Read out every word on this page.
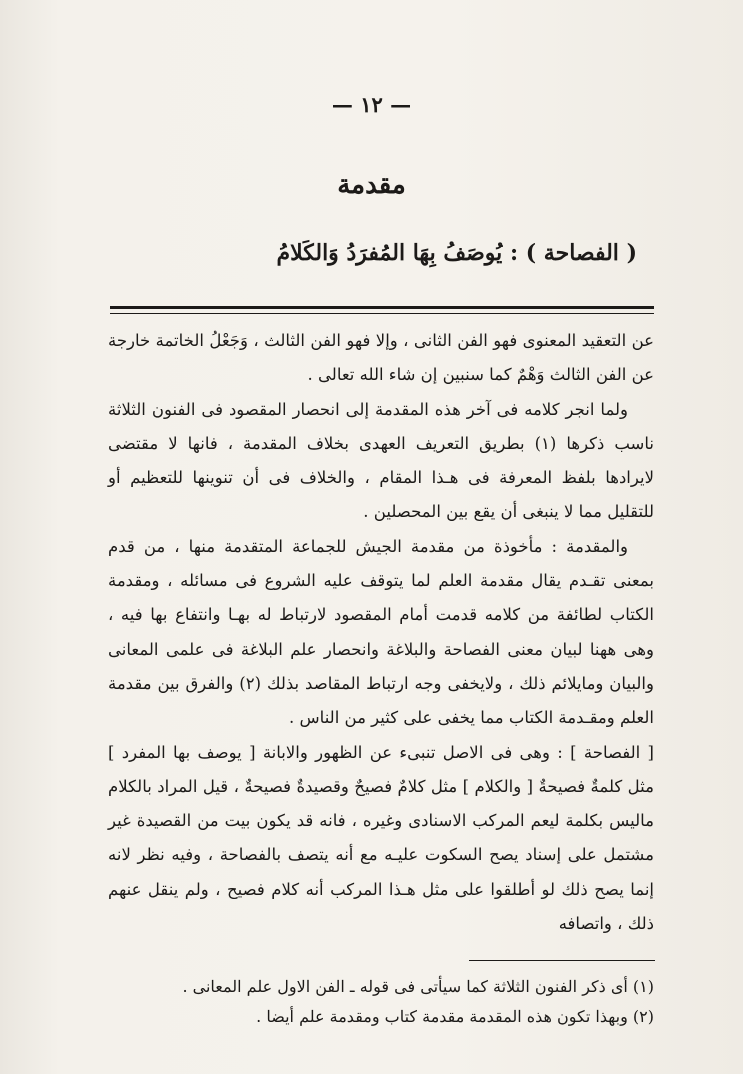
— ١٢ —
مقدمة
( الفصاحة ) : يُوصَفُ بِهَا المُفرَدُ وَالكَلامُ

عن التعقيد المعنوى فهو الفن الثانى ، وإلا فهو الفن الثالث ، وَجَعْلُ الخاتمة خارجة عن الفن الثالث وَهْمٌ كما سنبين إن شاء الله تعالى .

ولما انجر كلامه فى آخر هذه المقدمة إلى انحصار المقصود فى الفنون الثلاثة ناسب ذكرها (١) بطريق التعريف العهدى بخلاف المقدمة ، فانها لا مقتضى لايرادها بلفظ المعرفة فى هـذا المقام ، والخلاف فى أن تنوينها للتعظيم أو للتقليل مما لا ينبغى أن يقع بين المحصلين .

والمقدمة : مأخوذة من مقدمة الجيش للجماعة المتقدمة منها ، من قدم بمعنى تقـدم يقال مقدمة العلم لما يتوقف عليه الشروع فى مسائله ، ومقدمة الكتاب لطائفة من كلامه قدمت أمام المقصود لارتباط له بهـا وانتفاع بها فيه ، وهى ههنا لبيان معنى الفصاحة والبلاغة وانحصار علم البلاغة فى علمى المعانى والبيان ومايلائم ذلك ، ولايخفى وجه ارتباط المقاصد بذلك (٢) والفرق بين مقدمة العلم ومقـدمة الكتاب مما يخفى على كثير من الناس .

[ الفصاحة ] : وهى فى الاصل تنبىء عن الظهور والابانة [ يوصف بها المفرد ] مثل كلمةٌ فصيحةٌ [ والكلام ] مثل كلامٌ فصيحٌ وقصيدةٌ فصيحةٌ ، قيل المراد بالكلام ماليس بكلمة ليعم المركب الاسنادى وغيره ، فانه قد يكون بيت من القصيدة غير مشتمل على إسناد يصح السكوت عليـه مع أنه يتصف بالفصاحة ، وفيه نظر لانه إنما يصح ذلك لو أطلقوا على مثل هـذا المركب أنه كلام فصيح ، ولم ينقل عنهم ذلك ، واتصافه

(١) أى ذكر الفنون الثلاثة كما سيأتى فى قوله ـ الفن الاول علم المعانى .

(٢) وبهذا تكون هذه المقدمة مقدمة كتاب ومقدمة علم أيضا .
